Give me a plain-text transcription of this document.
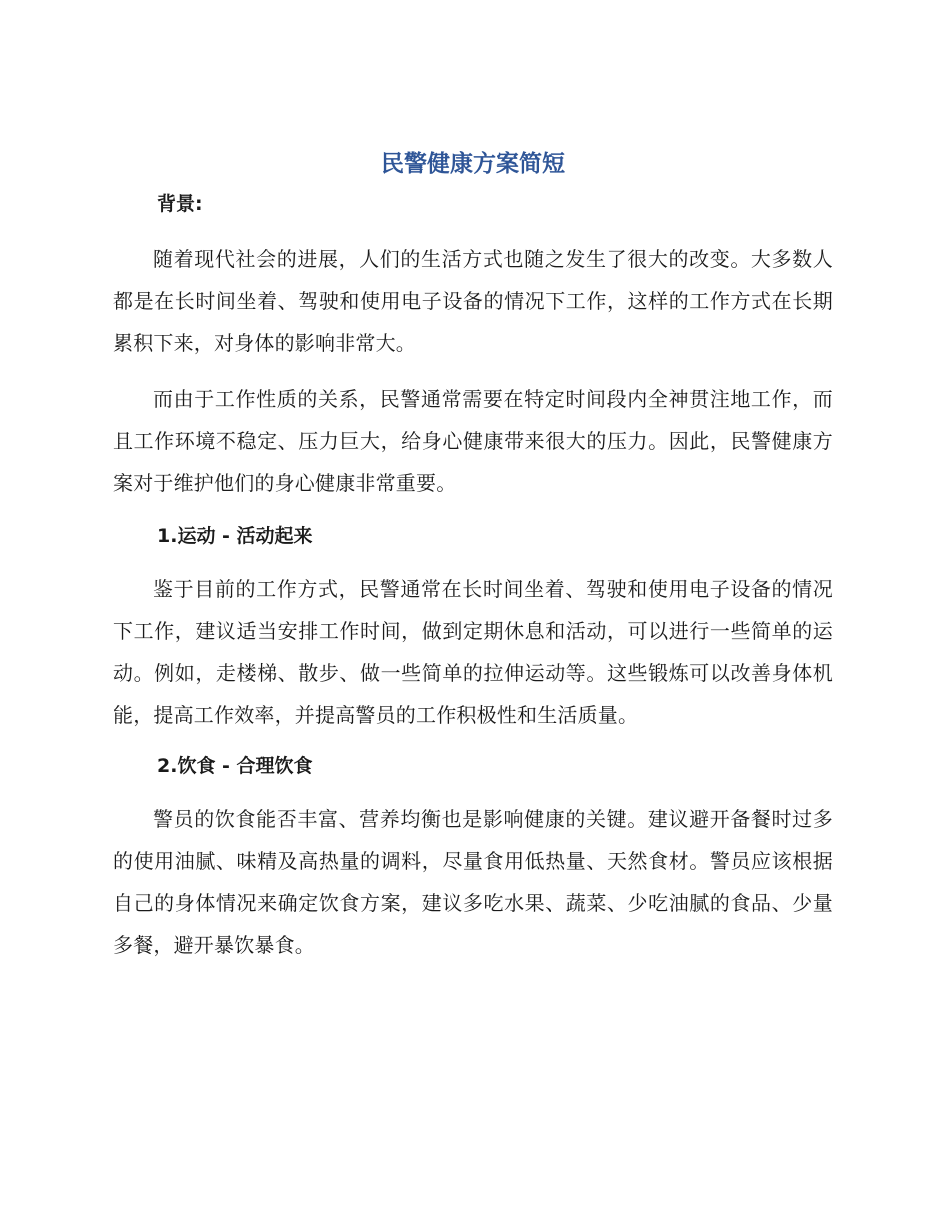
民警健康方案简短
背景:

随着现代社会的进展，人们的生活方式也随之发生了很大的改变。大多数人都是在长时间坐着、驾驶和使用电子设备的情况下工作，这样的工作方式在长期累积下来，对身体的影响非常大。

而由于工作性质的关系，民警通常需要在特定时间段内全神贯注地工作，而且工作环境不稳定、压力巨大，给身心健康带来很大的压力。因此，民警健康方案对于维护他们的身心健康非常重要。

1.运动 - 活动起来

鉴于目前的工作方式，民警通常在长时间坐着、驾驶和使用电子设备的情况下工作，建议适当安排工作时间，做到定期休息和活动，可以进行一些简单的运动。例如，走楼梯、散步、做一些简单的拉伸运动等。这些锻炼可以改善身体机能，提高工作效率，并提高警员的工作积极性和生活质量。

2.饮食 - 合理饮食

警员的饮食能否丰富、营养均衡也是影响健康的关键。建议避开备餐时过多的使用油腻、味精及高热量的调料，尽量食用低热量、天然食材。警员应该根据自己的身体情况来确定饮食方案，建议多吃水果、蔬菜、少吃油腻的食品、少量多餐，避开暴饮暴食。
